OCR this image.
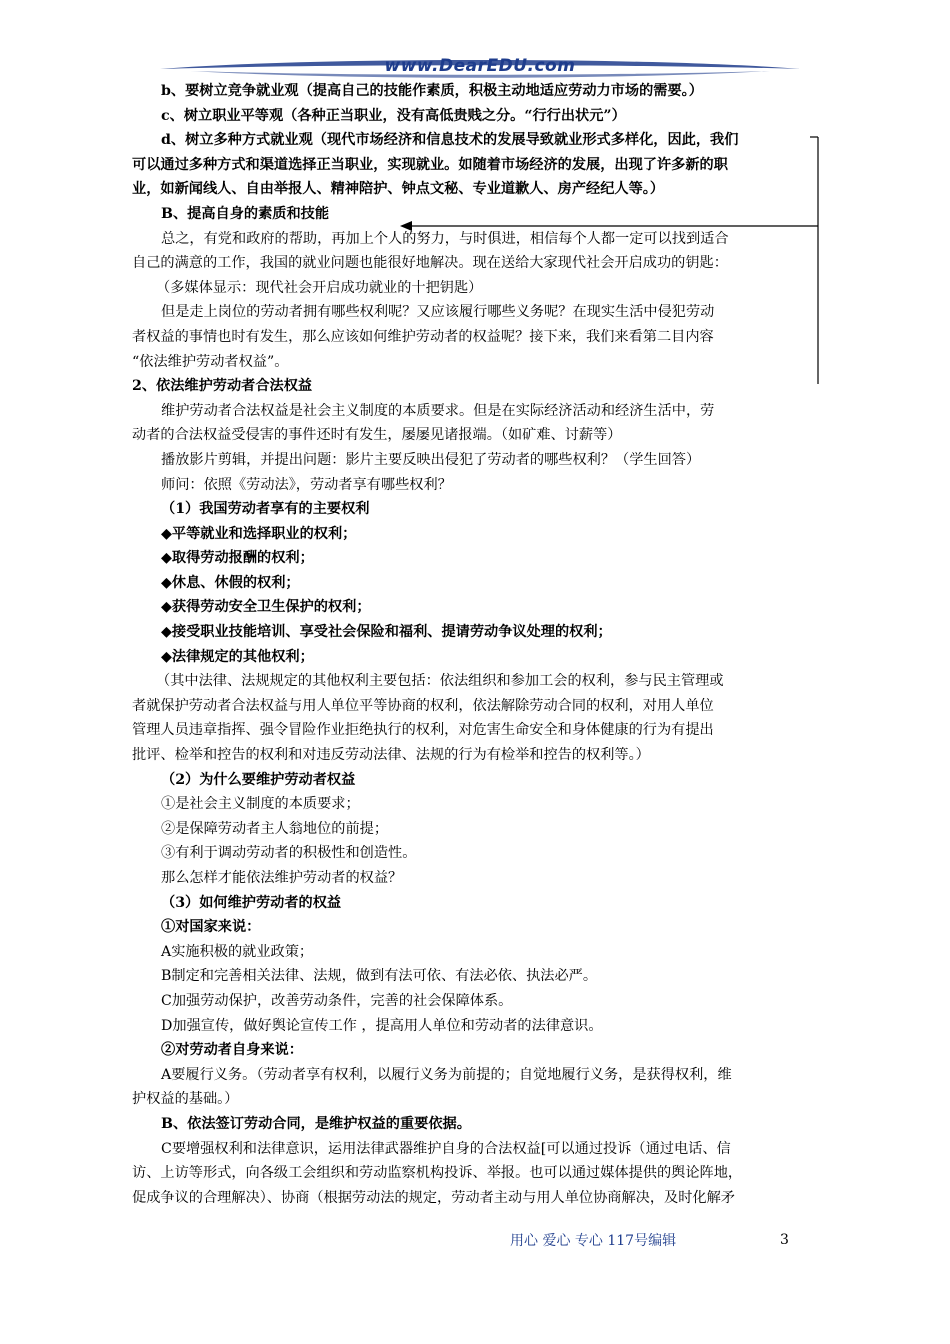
www.DearEDU.com
b、要树立竞争就业观（提高自己的技能作素质，积极主动地适应劳动力市场的需要。）
c、树立职业平等观（各种正当职业，没有高低贵贱之分。“行行出状元”）
d、树立多种方式就业观（现代市场经济和信息技术的发展导致就业形式多样化，因此，我们
可以通过多种方式和渠道选择正当职业，实现就业。如随着市场经济的发展，出现了许多新的职
业，如新闻线人、自由举报人、精神陪护、钟点文秘、专业道歉人、房产经纪人等。）
B、提高自身的素质和技能
总之，有党和政府的帮助，再加上个人的努力，与时俱进，相信每个人都一定可以找到适合
自己的满意的工作，我国的就业问题也能很好地解决。现在送给大家现代社会开启成功的钥匙：
（多媒体显示：现代社会开启成功就业的十把钥匙）
但是走上岗位的劳动者拥有哪些权利呢？又应该履行哪些义务呢？在现实生活中侵犯劳动
者权益的事情也时有发生，那么应该如何维护劳动者的权益呢？接下来，我们来看第二目内容
“依法维护劳动者权益”。
2、依法维护劳动者合法权益
维护劳动者合法权益是社会主义制度的本质要求。但是在实际经济活动和经济生活中，劳
动者的合法权益受侵害的事件还时有发生，屡屡见诸报端。（如矿难、讨薪等）
播放影片剪辑，并提出问题：影片主要反映出侵犯了劳动者的哪些权利？（学生回答）
师问：依照《劳动法》，劳动者享有哪些权利？
（1）我国劳动者享有的主要权利
◆平等就业和选择职业的权利；
◆取得劳动报酬的权利；
◆休息、休假的权利；
◆获得劳动安全卫生保护的权利；
◆接受职业技能培训、享受社会保险和福利、提请劳动争议处理的权利；
◆法律规定的其他权利；
（其中法律、法规规定的其他权利主要包括：依法组织和参加工会的权利，参与民主管理或
者就保护劳动者合法权益与用人单位平等协商的权利，依法解除劳动合同的权利，对用人单位
管理人员违章指挥、强令冒险作业拒绝执行的权利，对危害生命安全和身体健康的行为有提出
批评、检举和控告的权利和对违反劳动法律、法规的行为有检举和控告的权利等。）
（2）为什么要维护劳动者权益
①是社会主义制度的本质要求；
②是保障劳动者主人翁地位的前提；
③有利于调动劳动者的积极性和创造性。
那么怎样才能依法维护劳动者的权益？
（3）如何维护劳动者的权益
①对国家来说：
A实施积极的就业政策；
B制定和完善相关法律、法规，做到有法可依、有法必依、执法必严。
C加强劳动保护，改善劳动条件，完善的社会保障体系。
D加强宣传，做好舆论宣传工作 ，提高用人单位和劳动者的法律意识。
②对劳动者自身来说：
A要履行义务。（劳动者享有权利，以履行义务为前提的；自觉地履行义务，是获得权利，维
护权益的基础。）
B、依法签订劳动合同，是维护权益的重要依据。
C要增强权利和法律意识，运用法律武器维护自身的合法权益[可以通过投诉（通过电话、信
访、上访等形式，向各级工会组织和劳动监察机构投诉、举报。也可以通过媒体提供的舆论阵地，
促成争议的合理解决）、协商（根据劳动法的规定，劳动者主动与用人单位协商解决，及时化解矛
用心 爱心 专心 117号编辑	3
